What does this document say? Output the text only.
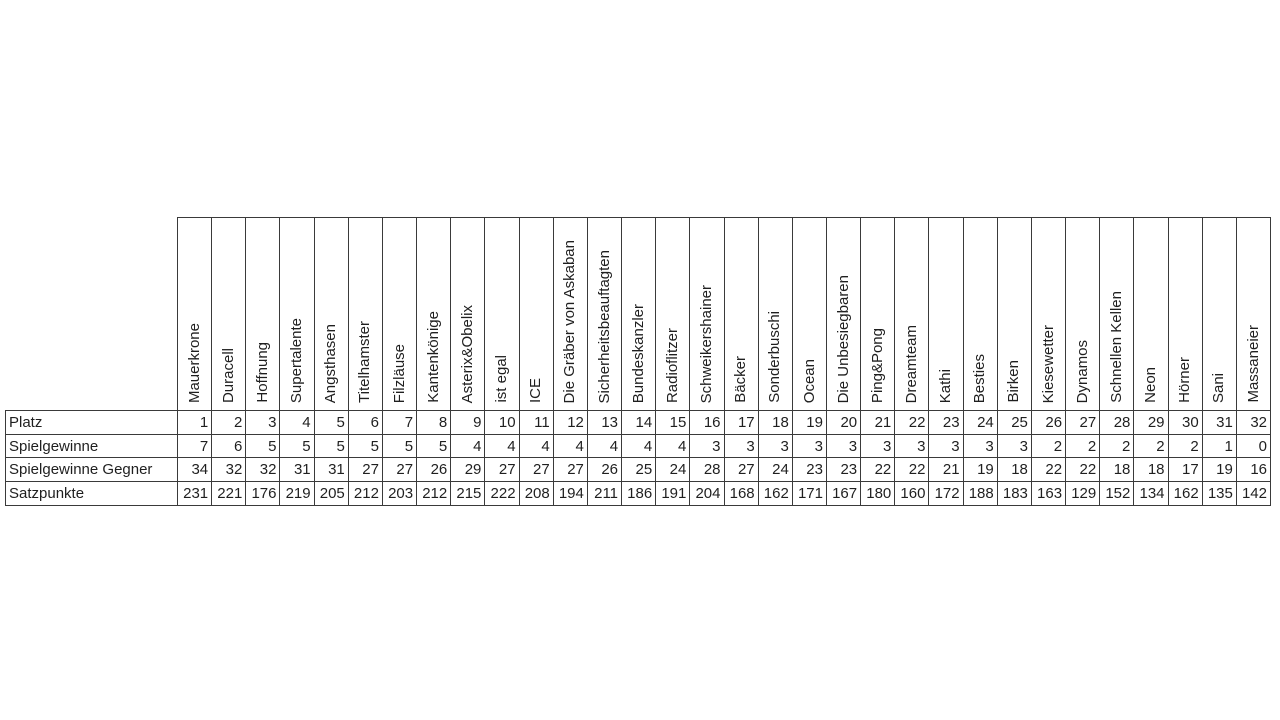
	Mauerkrone	Duracell	Hoffnung	Supertalente	Angsthasen	Titelhamster	Filzläuse	Kantenkönige	Asterix&Obelix	ist egal	ICE	Die Gräber von Askaban	Sicherheitsbeauftagten	Bundeskanzler	Radioflitzer	Schweikershainer	Bäcker	Sonderbuschi	Ocean	Die Unbesiegbaren	Ping&Pong	Dreamteam	Kathi	Besties	Birken	Kiesewetter	Dynamos	Schnellen Kellen	Neon	Hörner	Sani	Massaneier
Platz	1	2	3	4	5	6	7	8	9	10	11	12	13	14	15	16	17	18	19	20	21	22	23	24	25	26	27	28	29	30	31	32
Spielgewinne	7	6	5	5	5	5	5	5	4	4	4	4	4	4	4	3	3	3	3	3	3	3	3	3	3	2	2	2	2	2	1	0
Spielgewinne Gegner	34	32	32	31	31	27	27	26	29	27	27	27	26	25	24	28	27	24	23	23	22	22	21	19	18	22	22	18	18	17	19	16
Satzpunkte	231	221	176	219	205	212	203	212	215	222	208	194	211	186	191	204	168	162	171	167	180	160	172	188	183	163	129	152	134	162	135	142
